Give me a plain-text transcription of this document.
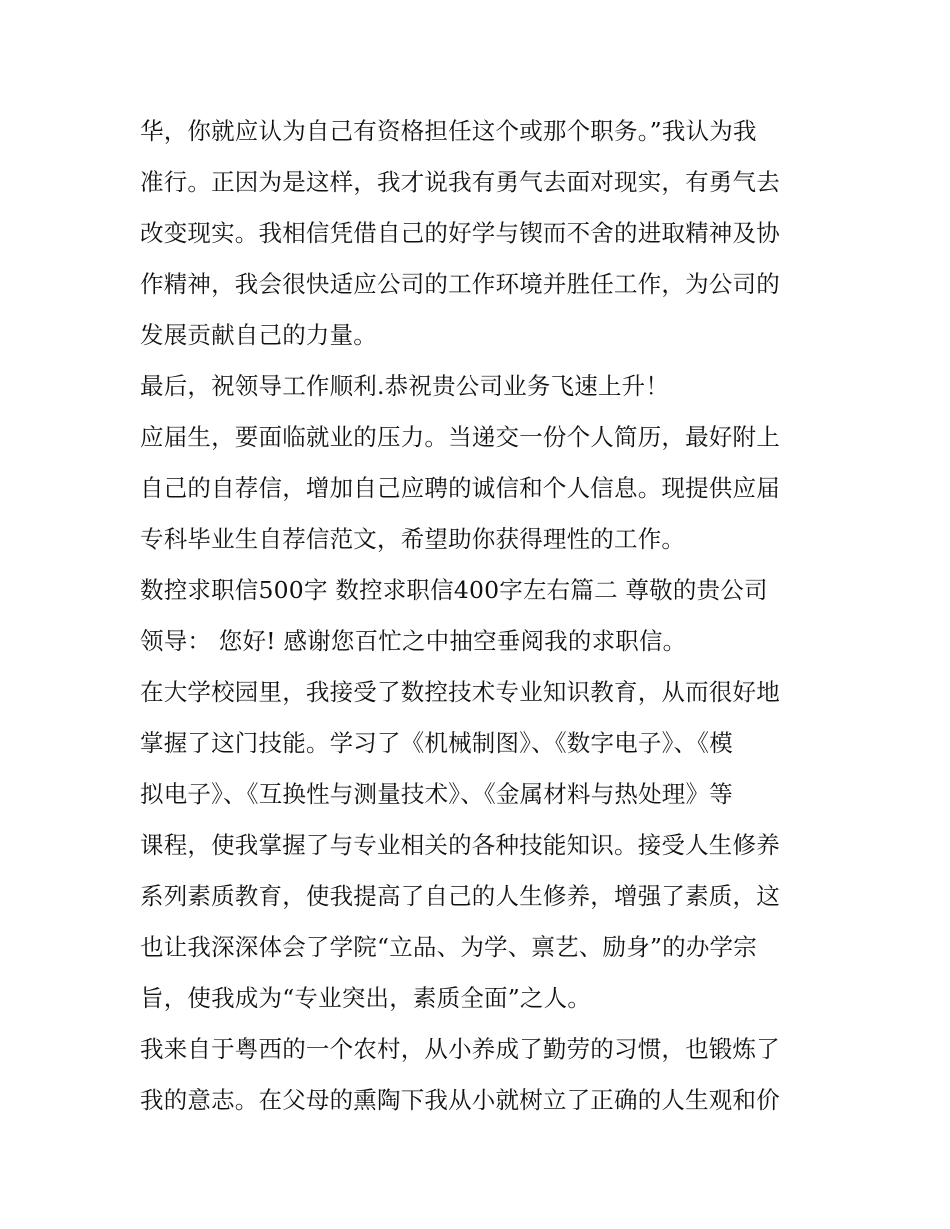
华，你就应认为自己有资格担任这个或那个职务。”我认为我
准行。正因为是这样，我才说我有勇气去面对现实，有勇气去
改变现实。我相信凭借自己的好学与锲而不舍的进取精神及协
作精神，我会很快适应公司的工作环境并胜任工作，为公司的
发展贡献自己的力量。
最后，祝领导工作顺利.恭祝贵公司业务飞速上升！
应届生，要面临就业的压力。当递交一份个人简历，最好附上
自己的自荐信，增加自己应聘的诚信和个人信息。现提供应届
专科毕业生自荐信范文，希望助你获得理性的工作。
数控求职信500字 数控求职信400字左右篇二 尊敬的贵公司
领导： 您好! 感谢您百忙之中抽空垂阅我的求职信。
在大学校园里，我接受了数控技术专业知识教育，从而很好地
掌握了这门技能。学习了《机械制图》、《数字电子》、《模
拟电子》、《互换性与测量技术》、《金属材料与热处理》等
课程，使我掌握了与专业相关的各种技能知识。接受人生修养
系列素质教育，使我提高了自己的人生修养，增强了素质，这
也让我深深体会了学院“立品、为学、禀艺、励身”的办学宗
旨，使我成为“专业突出，素质全面”之人。
我来自于粤西的一个农村，从小养成了勤劳的习惯，也锻炼了
我的意志。在父母的熏陶下我从小就树立了正确的人生观和价
